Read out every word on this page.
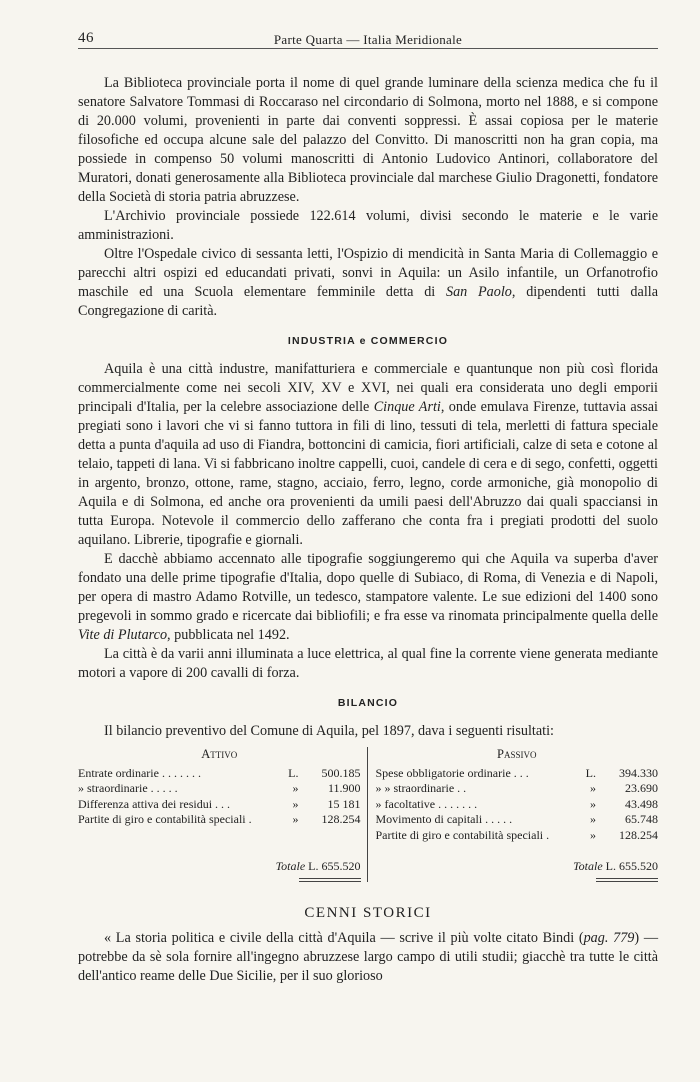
46	Parte Quarta — Italia Meridionale

La Biblioteca provinciale porta il nome di quel grande luminare della scienza medica che fu il senatore Salvatore Tommasi di Roccaraso nel circondario di Solmona, morto nel 1888, e si compone di 20.000 volumi, provenienti in parte dai conventi soppressi. È assai copiosa per le materie filosofiche ed occupa alcune sale del palazzo del Convitto. Di manoscritti non ha gran copia, ma possiede in compenso 50 volumi manoscritti di Antonio Ludovico Antinori, collaboratore del Muratori, donati generosamente alla Biblioteca provinciale dal marchese Giulio Dragonetti, fondatore della Società di storia patria abruzzese.

L'Archivio provinciale possiede 122.614 volumi, divisi secondo le materie e le varie amministrazioni.

Oltre l'Ospedale civico di sessanta letti, l'Ospizio di mendicità in Santa Maria di Collemaggio e parecchi altri ospizi ed educandati privati, sonvi in Aquila: un Asilo infantile, un Orfanotrofio maschile ed una Scuola elementare femminile detta di San Paolo, dipendenti tutti dalla Congregazione di carità.

INDUSTRIA e COMMERCIO

Aquila è una città industre, manifatturiera e commerciale e quantunque non più così florida commercialmente come nei secoli XIV, XV e XVI, nei quali era considerata uno degli emporii principali d'Italia, per la celebre associazione delle Cinque Arti, onde emulava Firenze, tuttavia assai pregiati sono i lavori che vi si fanno tuttora in fili di lino, tessuti di tela, merletti di fattura speciale detta a punta d'aquila ad uso di Fiandra, bottoncini di camicia, fiori artificiali, calze di seta e cotone al telaio, tappeti di lana. Vi si fabbricano inoltre cappelli, cuoi, candele di cera e di sego, confetti, oggetti in argento, bronzo, ottone, rame, stagno, acciaio, ferro, legno, corde armoniche, già monopolio di Aquila e di Solmona, ed anche ora provenienti da umili paesi dell'Abruzzo dai quali spacciansi in tutta Europa. Notevole il commercio dello zafferano che conta fra i pregiati prodotti del suolo aquilano. Librerie, tipografie e giornali.

E dacchè abbiamo accennato alle tipografie soggiungeremo qui che Aquila va superba d'aver fondato una delle prime tipografie d'Italia, dopo quelle di Subiaco, di Roma, di Venezia e di Napoli, per opera di mastro Adamo Rotville, un tedesco, stampatore valente. Le sue edizioni del 1400 sono pregevoli in sommo grado e ricercate dai bibliofili; e fra esse va rinomata principalmente quella delle Vite di Plutarco, pubblicata nel 1492.

La città è da varii anni illuminata a luce elettrica, al qual fine la corrente viene generata mediante motori a vapore di 200 cavalli di forza.

BILANCIO

Il bilancio preventivo del Comune di Aquila, pel 1897, dava i seguenti risultati:

Attivo
Entrate ordinarie . . . . . . .	L.	500.185
» straordinarie . . . . .	»	11.900
Differenza attiva dei residui . . .	»	15 181
Partite di giro e contabilità speciali .	»	128.254
Totale L. 655.520
Passivo
Spese obbligatorie ordinarie . . .	L.	394.330
» » straordinarie . .	»	23.690
» facoltative . . . . . . .	»	43.498
Movimento di capitali . . . . .	»	65.748
Partite di giro e contabilità speciali .	»	128.254
Totale L. 655.520
CENNI STORICI

« La storia politica e civile della città d'Aquila — scrive il più volte citato Bindi (pag. 779) — potrebbe da sè sola fornire all'ingegno abruzzese largo campo di utili studii; giacchè tra tutte le città dell'antico reame delle Due Sicilie, per il suo glorioso
